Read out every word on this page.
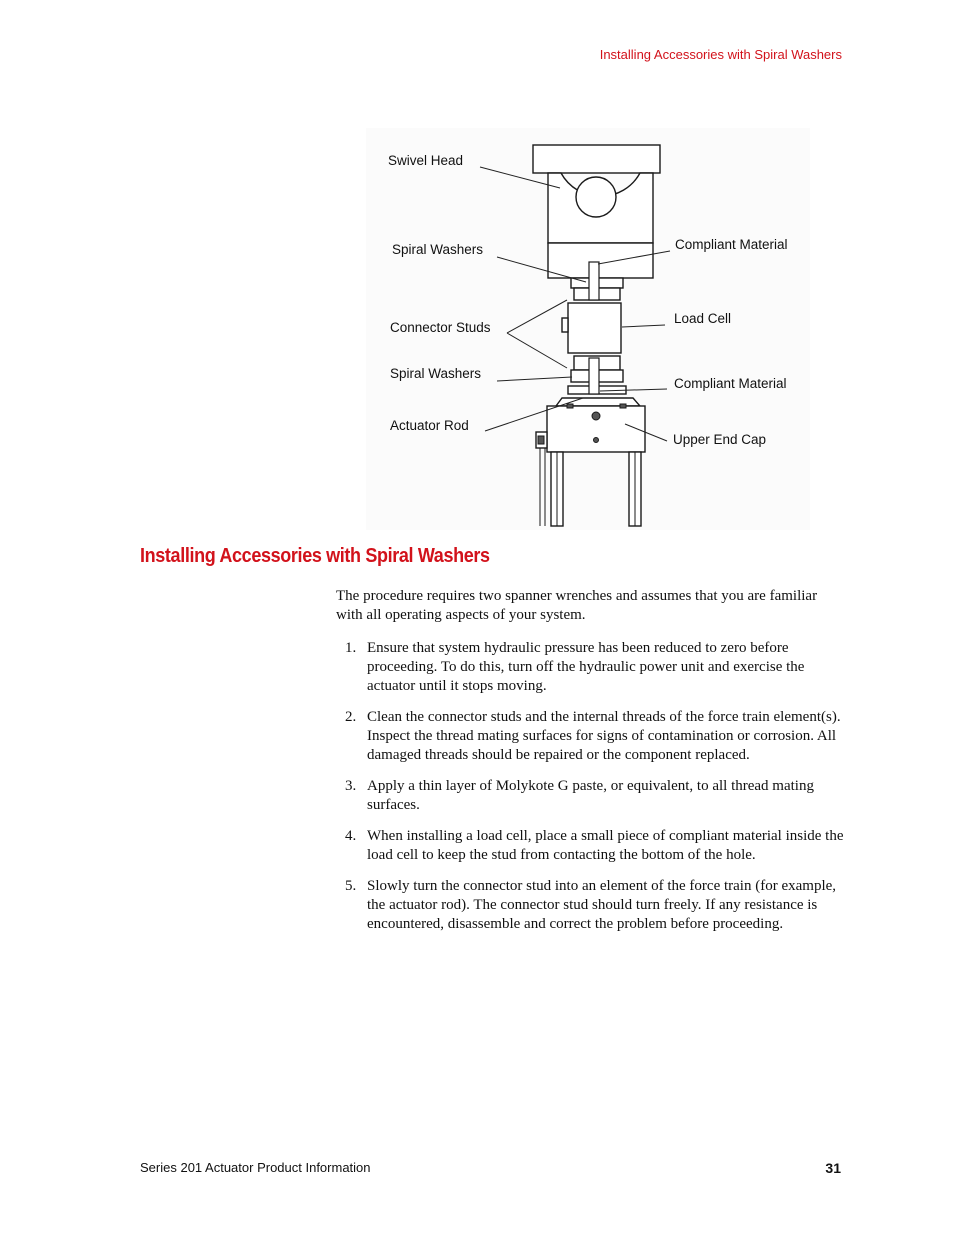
Installing Accessories with Spiral Washers
Swivel Head
Spiral Washers	Compliant Material
Connector Studs
Load Cell
Spiral Washers
Compliant Material
Actuator Rod
Upper End Cap
Installing Accessories with Spiral Washers

The procedure requires two spanner wrenches and assumes that you are familiar with all operating aspects of your system.

1. Ensure that system hydraulic pressure has been reduced to zero before proceeding. To do this, turn off the hydraulic power unit and exercise the actuator until it stops moving.
2. Clean the connector studs and the internal threads of the force train element(s). Inspect the thread mating surfaces for signs of contamination or corrosion. All damaged threads should be repaired or the component replaced.
3. Apply a thin layer of Molykote G paste, or equivalent, to all thread mating surfaces.
4. When installing a load cell, place a small piece of compliant material inside the load cell to keep the stud from contacting the bottom of the hole.
5. Slowly turn the connector stud into an element of the force train (for example, the actuator rod). The connector stud should turn freely. If any resistance is encountered, disassemble and correct the problem before proceeding.
Series 201 Actuator Product Information	31
